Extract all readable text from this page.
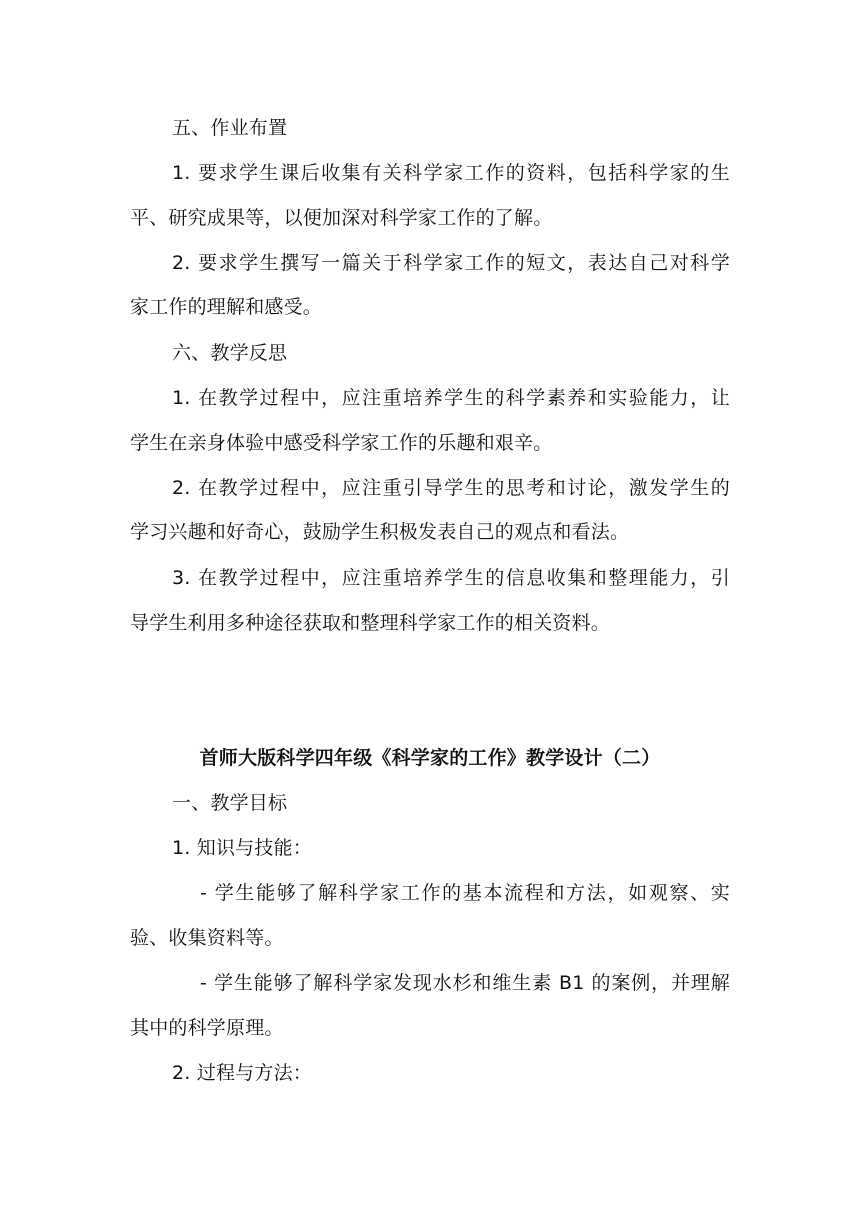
五、作业布置
1. 要求学生课后收集有关科学家工作的资料，包括科学家的生
平、研究成果等，以便加深对科学家工作的了解。
2. 要求学生撰写一篇关于科学家工作的短文，表达自己对科学
家工作的理解和感受。
六、教学反思
1. 在教学过程中，应注重培养学生的科学素养和实验能力，让
学生在亲身体验中感受科学家工作的乐趣和艰辛。
2. 在教学过程中，应注重引导学生的思考和讨论，激发学生的
学习兴趣和好奇心，鼓励学生积极发表自己的观点和看法。
3. 在教学过程中，应注重培养学生的信息收集和整理能力，引
导学生利用多种途径获取和整理科学家工作的相关资料。
首师大版科学四年级《科学家的工作》教学设计（二）
一、教学目标
1. 知识与技能：
- 学生能够了解科学家工作的基本流程和方法，如观察、实
验、收集资料等。
- 学生能够了解科学家发现水杉和维生素 B1 的案例，并理解
其中的科学原理。
2. 过程与方法：
